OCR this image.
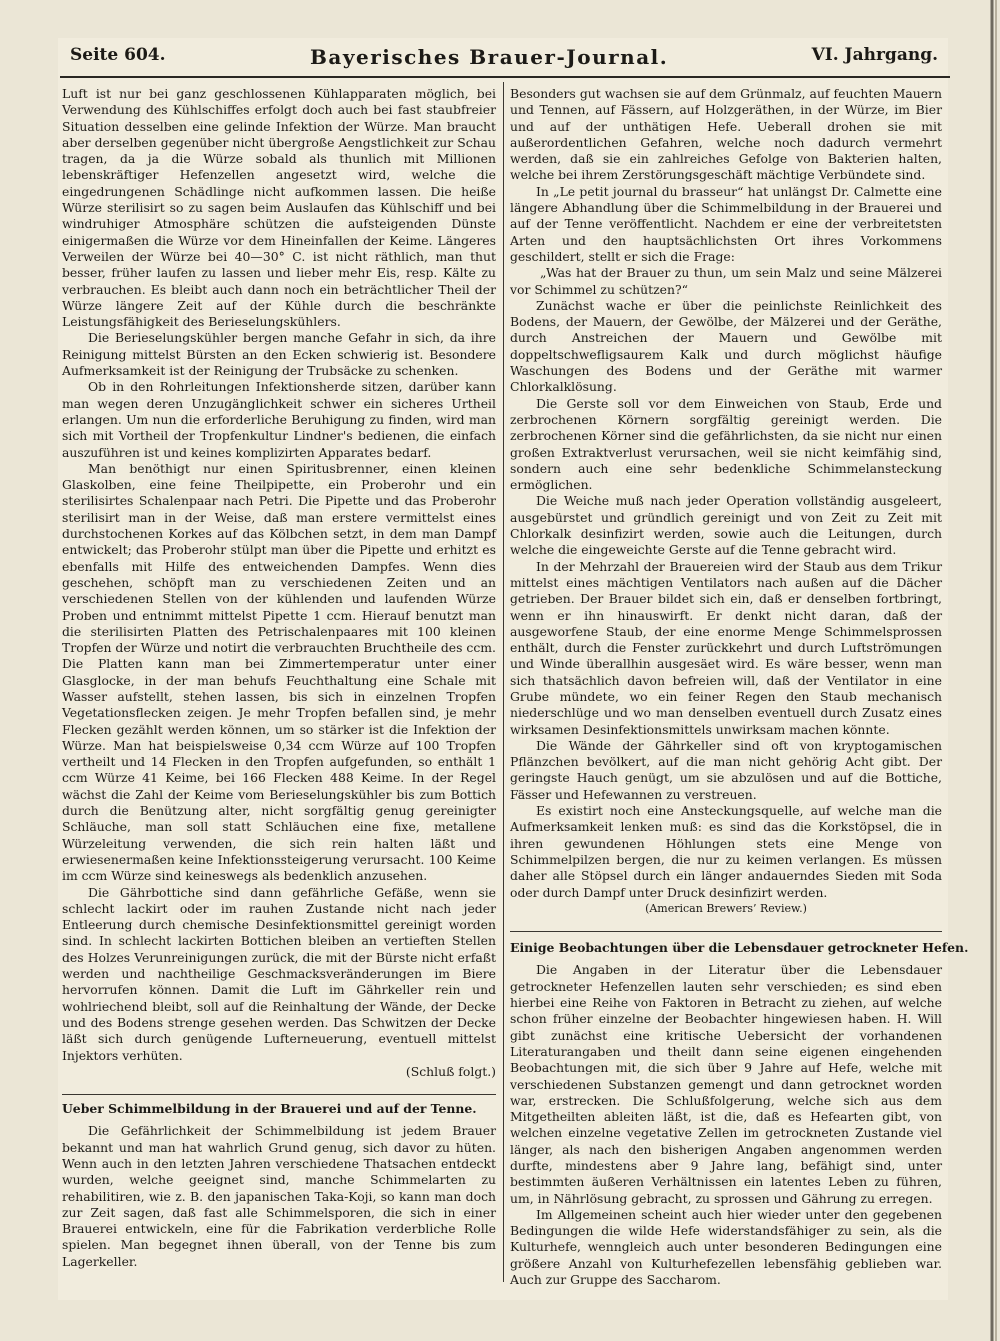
Seite 604.	Bayerisches Brauer-Journal.	VI. Jahrgang.

Luft ist nur bei ganz geschlossenen Kühlapparaten möglich, bei Verwendung des Kühlschiffes erfolgt doch auch bei fast staubfreier Situation desselben eine gelinde Infektion der Würze. Man braucht aber derselben gegenüber nicht übergroße Aengstlichkeit zur Schau tragen, da ja die Würze sobald als thunlich mit Millionen lebenskräftiger Hefenzellen angesetzt wird, welche die eingedrungenen Schädlinge nicht aufkommen lassen. Die heiße Würze sterilisirt so zu sagen beim Auslaufen das Kühlschiff und bei windruhiger Atmosphäre schützen die aufsteigenden Dünste einigermaßen die Würze vor dem Hineinfallen der Keime. Längeres Verweilen der Würze bei 40—30° C. ist nicht räthlich, man thut besser, früher laufen zu lassen und lieber mehr Eis, resp. Kälte zu verbrauchen. Es bleibt auch dann noch ein beträchtlicher Theil der Würze längere Zeit auf der Kühle durch die beschränkte Leistungsfähigkeit des Berieselungskühlers.

Die Berieselungskühler bergen manche Gefahr in sich, da ihre Reinigung mittelst Bürsten an den Ecken schwierig ist. Besondere Aufmerksamkeit ist der Reinigung der Trubsäcke zu schenken.

Ob in den Rohrleitungen Infektionsherde sitzen, darüber kann man wegen deren Unzugänglichkeit schwer ein sicheres Urtheil erlangen. Um nun die erforderliche Beruhigung zu finden, wird man sich mit Vortheil der Tropfenkultur Lindner's bedienen, die einfach auszuführen ist und keines komplizirten Apparates bedarf.

Man benöthigt nur einen Spiritusbrenner, einen kleinen Glaskolben, eine feine Theilpipette, ein Proberohr und ein sterilisirtes Schalenpaar nach Petri. Die Pipette und das Proberohr sterilisirt man in der Weise, daß man erstere vermittelst eines durchstochenen Korkes auf das Kölbchen setzt, in dem man Dampf entwickelt; das Proberohr stülpt man über die Pipette und erhitzt es ebenfalls mit Hilfe des entweichenden Dampfes. Wenn dies geschehen, schöpft man zu verschiedenen Zeiten und an verschiedenen Stellen von der kühlenden und laufenden Würze Proben und entnimmt mittelst Pipette 1 ccm. Hierauf benutzt man die sterilisirten Platten des Petrischalenpaares mit 100 kleinen Tropfen der Würze und notirt die verbrauchten Bruchtheile des ccm. Die Platten kann man bei Zimmertemperatur unter einer Glasglocke, in der man behufs Feuchthaltung eine Schale mit Wasser aufstellt, stehen lassen, bis sich in einzelnen Tropfen Vegetationsflecken zeigen. Je mehr Tropfen befallen sind, je mehr Flecken gezählt werden können, um so stärker ist die Infektion der Würze. Man hat beispielsweise 0,34 ccm Würze auf 100 Tropfen vertheilt und 14 Flecken in den Tropfen aufgefunden, so enthält 1 ccm Würze 41 Keime, bei 166 Flecken 488 Keime. In der Regel wächst die Zahl der Keime vom Berieselungskühler bis zum Bottich durch die Benützung alter, nicht sorgfältig genug gereinigter Schläuche, man soll statt Schläuchen eine fixe, metallene Würzeleitung verwenden, die sich rein halten läßt und erwiesenermaßen keine Infektionssteigerung verursacht. 100 Keime im ccm Würze sind keineswegs als bedenklich anzusehen.

Die Gährbottiche sind dann gefährliche Gefäße, wenn sie schlecht lackirt oder im rauhen Zustande nicht nach jeder Entleerung durch chemische Desinfektionsmittel gereinigt worden sind. In schlecht lackirten Bottichen bleiben an vertieften Stellen des Holzes Verunreinigungen zurück, die mit der Bürste nicht erfaßt werden und nachtheilige Geschmacksveränderungen im Biere hervorrufen können. Damit die Luft im Gährkeller rein und wohlriechend bleibt, soll auf die Reinhaltung der Wände, der Decke und des Bodens strenge gesehen werden. Das Schwitzen der Decke läßt sich durch genügende Lufterneuerung, eventuell mittelst Injektors verhüten.

(Schluß folgt.)

Ueber Schimmelbildung in der Brauerei und auf der Tenne.

Die Gefährlichkeit der Schimmelbildung ist jedem Brauer bekannt und man hat wahrlich Grund genug, sich davor zu hüten. Wenn auch in den letzten Jahren verschiedene Thatsachen entdeckt wurden, welche geeignet sind, manche Schimmelarten zu rehabilitiren, wie z. B. den japanischen Taka-Koji, so kann man doch zur Zeit sagen, daß fast alle Schimmelsporen, die sich in einer Brauerei entwickeln, eine für die Fabrikation verderbliche Rolle spielen. Man begegnet ihnen überall, von der Tenne bis zum Lagerkeller.

Besonders gut wachsen sie auf dem Grünmalz, auf feuchten Mauern und Tennen, auf Fässern, auf Holzgeräthen, in der Würze, im Bier und auf der unthätigen Hefe. Ueberall drohen sie mit außerordentlichen Gefahren, welche noch dadurch vermehrt werden, daß sie ein zahlreiches Gefolge von Bakterien halten, welche bei ihrem Zerstörungsgeschäft mächtige Verbündete sind.

In „Le petit journal du brasseur“ hat unlängst Dr. Calmette eine längere Abhandlung über die Schimmelbildung in der Brauerei und auf der Tenne veröffentlicht. Nachdem er eine der verbreitetsten Arten und den hauptsächlichsten Ort ihres Vorkommens geschildert, stellt er sich die Frage:

„Was hat der Brauer zu thun, um sein Malz und seine Mälzerei vor Schimmel zu schützen?“

Zunächst wache er über die peinlichste Reinlichkeit des Bodens, der Mauern, der Gewölbe, der Mälzerei und der Geräthe, durch Anstreichen der Mauern und Gewölbe mit doppeltschwefligsaurem Kalk und durch möglichst häufige Waschungen des Bodens und der Geräthe mit warmer Chlorkalklösung.

Die Gerste soll vor dem Einweichen von Staub, Erde und zerbrochenen Körnern sorgfältig gereinigt werden. Die zerbrochenen Körner sind die gefährlichsten, da sie nicht nur einen großen Extraktverlust verursachen, weil sie nicht keimfähig sind, sondern auch eine sehr bedenkliche Schimmelansteckung ermöglichen.

Die Weiche muß nach jeder Operation vollständig ausgeleert, ausgebürstet und gründlich gereinigt und von Zeit zu Zeit mit Chlorkalk desinfizirt werden, sowie auch die Leitungen, durch welche die eingeweichte Gerste auf die Tenne gebracht wird.

In der Mehrzahl der Brauereien wird der Staub aus dem Trikur mittelst eines mächtigen Ventilators nach außen auf die Dächer getrieben. Der Brauer bildet sich ein, daß er denselben fortbringt, wenn er ihn hinauswirft. Er denkt nicht daran, daß der ausgeworfene Staub, der eine enorme Menge Schimmelsprossen enthält, durch die Fenster zurückkehrt und durch Luftströmungen und Winde überallhin ausgesäet wird. Es wäre besser, wenn man sich thatsächlich davon befreien will, daß der Ventilator in eine Grube mündete, wo ein feiner Regen den Staub mechanisch niederschlüge und wo man denselben eventuell durch Zusatz eines wirksamen Desinfektionsmittels unwirksam machen könnte.

Die Wände der Gährkeller sind oft von kryptogamischen Pflänzchen bevölkert, auf die man nicht gehörig Acht gibt. Der geringste Hauch genügt, um sie abzulösen und auf die Bottiche, Fässer und Hefewannen zu verstreuen.

Es existirt noch eine Ansteckungsquelle, auf welche man die Aufmerksamkeit lenken muß: es sind das die Korkstöpsel, die in ihren gewundenen Höhlungen stets eine Menge von Schimmelpilzen bergen, die nur zu keimen verlangen. Es müssen daher alle Stöpsel durch ein länger andauerndes Sieden mit Soda oder durch Dampf unter Druck desinfizirt werden.

(American Brewers’ Review.)

Einige Beobachtungen über die Lebensdauer getrockneter Hefen.

Die Angaben in der Literatur über die Lebensdauer getrockneter Hefenzellen lauten sehr verschieden; es sind eben hierbei eine Reihe von Faktoren in Betracht zu ziehen, auf welche schon früher einzelne der Beobachter hingewiesen haben. H. Will gibt zunächst eine kritische Uebersicht der vorhandenen Literaturangaben und theilt dann seine eigenen eingehenden Beobachtungen mit, die sich über 9 Jahre auf Hefe, welche mit verschiedenen Substanzen gemengt und dann getrocknet worden war, erstrecken. Die Schlußfolgerung, welche sich aus dem Mitgetheilten ableiten läßt, ist die, daß es Hefearten gibt, von welchen einzelne vegetative Zellen im getrockneten Zustande viel länger, als nach den bisherigen Angaben angenommen werden durfte, mindestens aber 9 Jahre lang, befähigt sind, unter bestimmten äußeren Verhältnissen ein latentes Leben zu führen, um, in Nährlösung gebracht, zu sprossen und Gährung zu erregen.

Im Allgemeinen scheint auch hier wieder unter den gegebenen Bedingungen die wilde Hefe widerstandsfähiger zu sein, als die Kulturhefe, wenngleich auch unter besonderen Bedingungen eine größere Anzahl von Kulturhefezellen lebensfähig geblieben war. Auch zur Gruppe des Saccharom.
